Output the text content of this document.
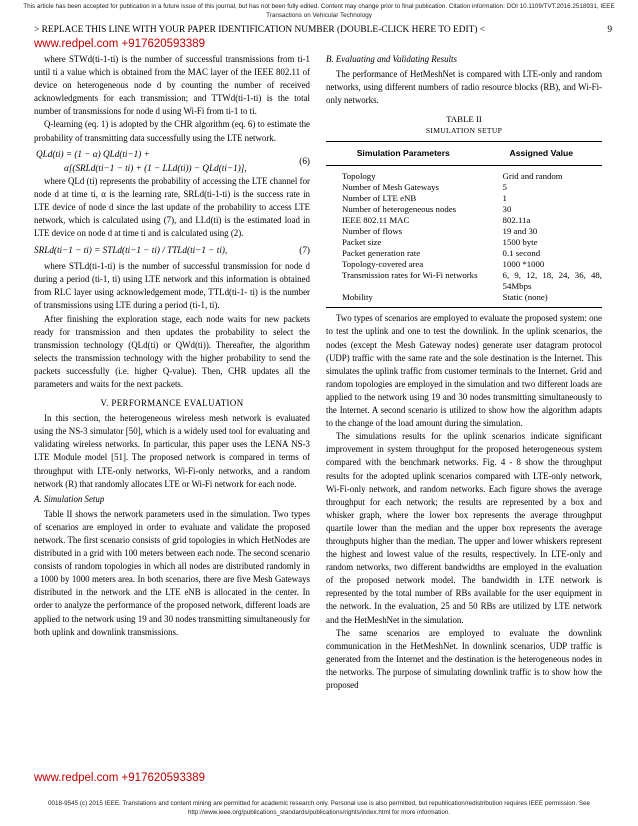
This article has been accepted for publication in a future issue of this journal, but has not been fully edited. Content may change prior to final publication. Citation information: DOI 10.1109/TVT.2016.2518931, IEEE
Transactions on Vehicular Technology
> REPLACE THIS LINE WITH YOUR PAPER IDENTIFICATION NUMBER (DOUBLE-CLICK HERE TO EDIT) <	9
www.redpel.com +917620593389

where STWd(ti-1-ti) is the number of successful transmissions from ti-1 until ti a value which is obtained from the MAC layer of the IEEE 802.11 of device on heterogeneous node d by counting the number of received acknowledgments for each transmission; and TTWd(ti-1-ti) is the total number of transmissions for node d using Wi-Fi from ti-1 to ti.

Q-learning (eq. 1) is adopted by the CHR algorithm (eq. 6) to estimate the probability of transmitting data successfully using the LTE network.

QLd(ti) = (1 − α) QLd(ti−1) +
α[(SRLd(ti−1 − ti) + (1 − LLd(ti)) − QLd(ti−1)],
(6)

where QLd (ti) represents the probability of accessing the LTE channel for node d at time ti, α is the learning rate, SRLd(ti-1-ti) is the success rate in LTE device of node d since the last update of the probability to access LTE network, which is calculated using (7), and LLd(ti) is the estimated load in LTE device on node d at time ti and is calculated using (2).

SRLd(ti−1 − ti) = STLd(ti−1 − ti) / TTLd(ti−1 − ti),	(7)

where STLd(ti-1-ti) is the number of successful transmission for node d during a period (ti-1, ti) using LTE network and this information is obtained from RLC layer using acknowledgement mode, TTLd(ti-1- ti) is the number of transmissions using LTE during a period (ti-1, ti).

After finishing the exploration stage, each node waits for new packets ready for transmission and then updates the probability to select the transmission technology (QLd(ti) or QWd(ti)). Thereafter, the algorithm selects the transmission technology with the higher probability to send the packets successfully (i.e. higher Q-value). Then, CHR updates all the parameters and waits for the next packets.

V. PERFORMANCE EVALUATION

In this section, the heterogeneous wireless mesh network is evaluated using the NS-3 simulator [50], which is a widely used tool for evaluating and validating wireless networks. In particular, this paper uses the LENA NS-3 LTE Module model [51]. The proposed network is compared in terms of throughput with LTE-only networks, Wi-Fi-only networks, and a random network (R) that randomly allocates LTE or Wi-Fi network for each node.

A. Simulation Setup

Table II shows the network parameters used in the simulation. Two types of scenarios are employed in order to evaluate and validate the proposed network. The first scenario consists of grid topologies in which HetNodes are distributed in a grid with 100 meters between each node. The second scenario consists of random topologies in which all nodes are distributed randomly in a 1000 by 1000 meters area. In both scenarios, there are five Mesh Gateways distributed in the network and the LTE eNB is allocated in the center. In order to analyze the performance of the proposed network, different loads are applied to the network using 19 and 30 nodes transmitting simultaneously for both uplink and downlink transmissions.

B. Evaluating and Validating Results

The performance of HetMeshNet is compared with LTE-only and random networks, using different numbers of radio resource blocks (RB), and Wi-Fi-only networks.

TABLE II

SIMULATION SETUP

Simulation Parameters	Assigned Value
Topology	Grid and random
Number of Mesh Gateways	5
Number of LTE eNB	1
Number of heterogeneous nodes	30
IEEE 802.11 MAC	802.11a
Number of flows	19 and 30
Packet size	1500 byte
Packet generation rate	0.1 second
Topology-covered area	1000 *1000
Transmission rates for Wi-Fi networks	6, 9, 12, 18, 24, 36, 48, 54Mbps
Mobility	Static (none)

Two types of scenarios are employed to evaluate the proposed system: one to test the uplink and one to test the downlink. In the uplink scenarios, the nodes (except the Mesh Gateway nodes) generate user datagram protocol (UDP) traffic with the same rate and the sole destination is the Internet. This simulates the uplink traffic from customer terminals to the Internet. Grid and random topologies are employed in the simulation and two different loads are applied to the network using 19 and 30 nodes transmitting simultaneously to the Internet. A second scenario is utilized to show how the algorithm adapts to the change of the load amount during the simulation.

The simulations results for the uplink scenarios indicate significant improvement in system throughput for the proposed heterogeneous system compared with the benchmark networks. Fig. 4 - 8 show the throughput results for the adopted uplink scenarios compared with LTE-only network, Wi-Fi-only network, and random networks. Each figure shows the average throughput for each network; the results are represented by a box and whisker graph, where the lower box represents the average throughput quartile lower than the median and the upper box represents the average throughputs higher than the median. The upper and lower whiskers represent the highest and lowest value of the results, respectively. In LTE-only and random networks, two different bandwidths are employed in the evaluation of the proposed network model. The bandwidth in LTE network is represented by the total number of RBs available for the user equipment in the network. In the evaluation, 25 and 50 RBs are utilized by LTE network and the HetMeshNet in the simulation.

The same scenarios are employed to evaluate the downlink communication in the HetMeshNet. In downlink scenarios, UDP traffic is generated from the Internet and the destination is the heterogeneous nodes in the networks. The purpose of simulating downlink traffic is to show how the proposed

www.redpel.com +917620593389
0018-9545 (c) 2015 IEEE. Translations and content mining are permitted for academic research only. Personal use is also permitted, but republication/redistribution requires IEEE permission. See
http://www.ieee.org/publications_standards/publications/rights/index.html for more information.
